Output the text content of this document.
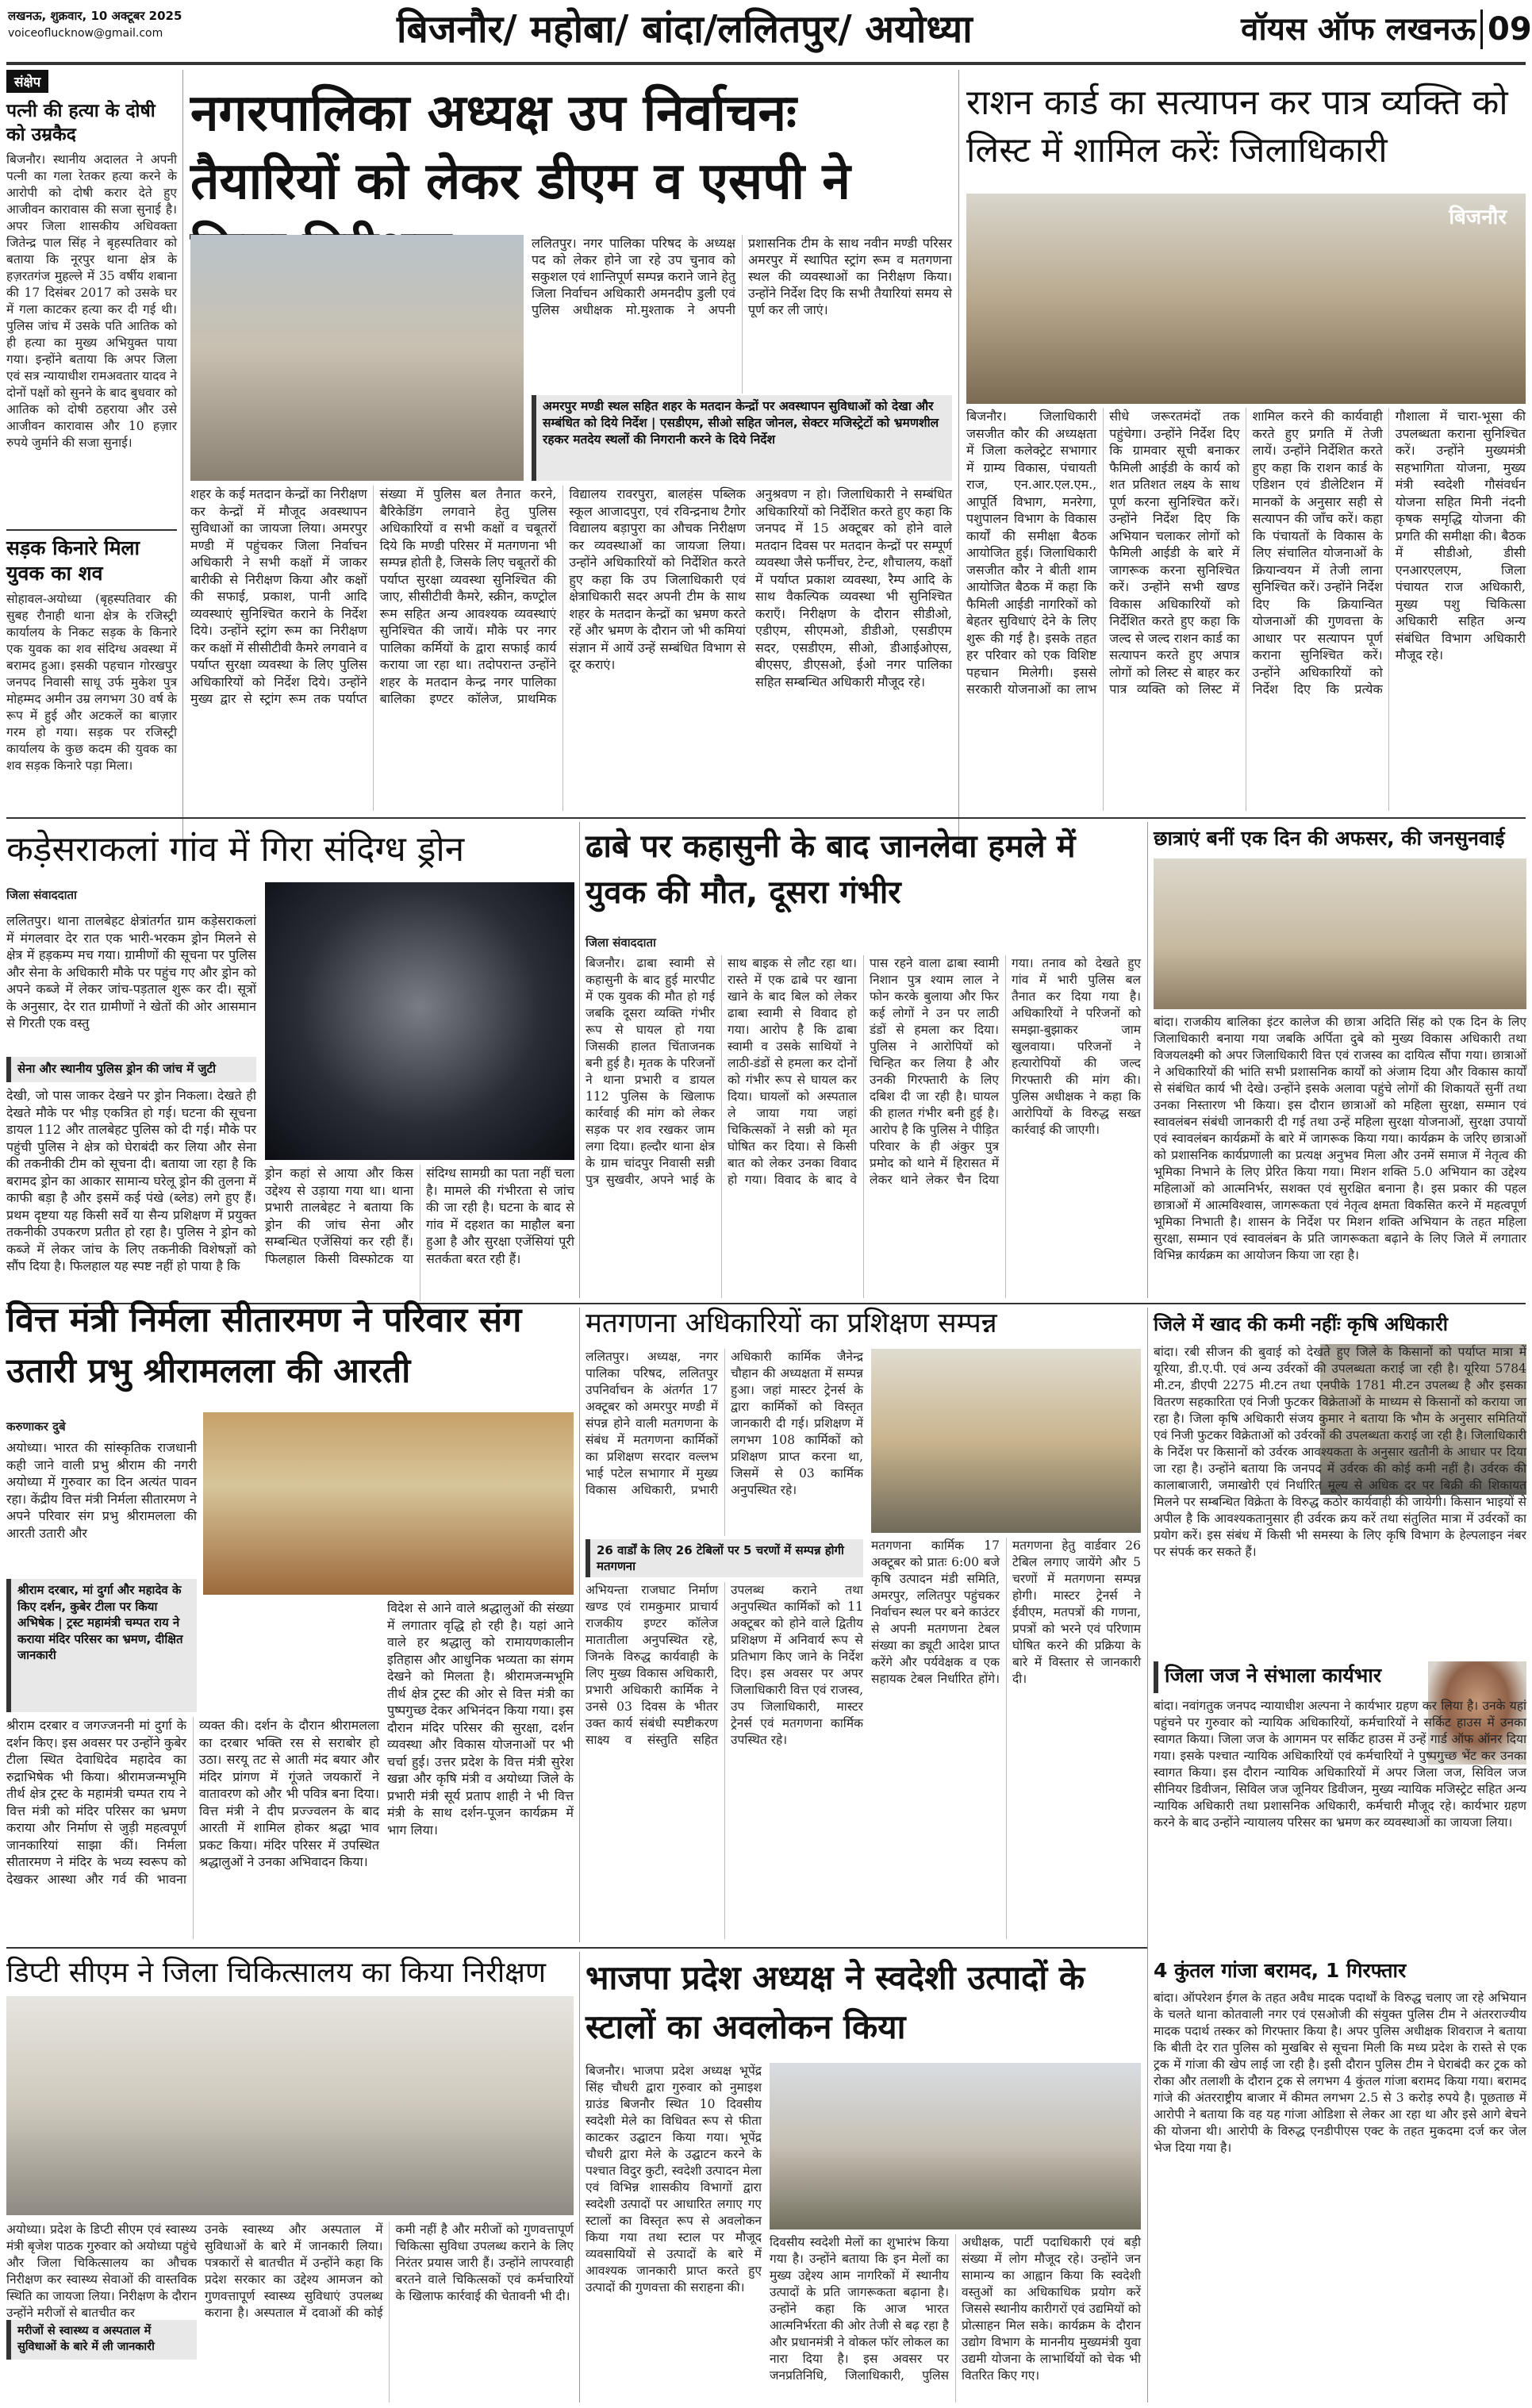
लखनऊ, शुक्रवार, 10 अक्टूबर 2025
voiceoflucknow@gmail.com	बिजनौर/ महोबा/ बांदा/ललितपुर/ अयोध्या	वॉयस ऑफ लखनऊ 09
संक्षेप
पत्नी की हत्या के दोषी को उम्रकैद
बिजनौर। स्थानीय अदालत ने अपनी पत्नी का गला रेतकर हत्या करने के आरोपी को दोषी करार देते हुए आजीवन कारावास की सजा सुनाई है। अपर जिला शासकीय अधिवक्ता जितेन्द्र पाल सिंह ने बृहस्पतिवार को बताया कि नूरपुर थाना क्षेत्र के हज़रतगंज मुहल्ले में 35 वर्षीय शबाना की 17 दिसंबर 2017 को उसके घर में गला काटकर हत्या कर दी गई थी। पुलिस जांच में उसके पति आतिक को ही हत्या का मुख्य अभियुक्त पाया गया। इन्होंने बताया कि अपर जिला एवं सत्र न्यायाधीश रामअवतार यादव ने दोनों पक्षों को सुनने के बाद बुधवार को आतिक को दोषी ठहराया और उसे आजीवन कारावास और 10 हज़ार रुपये जुर्माने की सजा सुनाई।
सड़क किनारे मिला युवक का शव
सोहावल-अयोध्या (बृहस्पतिवार की सुबह रौनाही थाना क्षेत्र के रजिस्ट्री कार्यालय के निकट सड़क के किनारे एक युवक का शव संदिग्ध अवस्था में बरामद हुआ। इसकी पहचान गोरखपुर जनपद निवासी साधू उर्फ मुकेश पुत्र मोहम्मद अमीन उम्र लगभग 30 वर्ष के रूप में हुई और अटकलें का बाज़ार गरम हो गया। सड़क पर रजिस्ट्री कार्यालय के कुछ कदम की युवक का शव सड़क किनारे पड़ा मिला।
नगरपालिका अध्यक्ष उप निर्वाचनः तैयारियों को लेकर डीएम व एसपी ने
ललितपुर। नगर पालिका परिषद के अध्यक्ष पद को लेकर होने जा रहे उप चुनाव को सकुशल एवं शान्तिपूर्ण सम्पन्न कराने जाने हेतु जिला निर्वाचन अधिकारी अमनदीप डुली एवं पुलिस अधीक्षक मो.मुश्ताक ने अपनी प्रशासनिक टीम के साथ नवीन मण्डी परिसर अमरपुर में स्थापित स्ट्रांग रूम व मतगणना स्थल की व्यवस्थाओं का निरीक्षण किया। उन्होंने निर्देश दिए कि सभी तैयारियां समय से पूर्ण कर ली जाएं।
अमरपुर मण्डी स्थल सहित शहर के मतदान केन्द्रों पर अवस्थापन सुविधाओं को देखा और सम्बंधित को दिये निर्देश | एसडीएम, सीओ सहित जोनल, सेक्टर मजिस्ट्रेटों को भ्रमणशील रहकर मतदेय स्थलों की निगरानी करने के दिये निर्देश
शहर के कई मतदान केन्द्रों का निरीक्षण कर केन्द्रों में मौजूद अवस्थापन सुविधाओं का जायजा लिया। अमरपुर मण्डी में पहुंचकर जिला निर्वाचन अधिकारी ने सभी कक्षों में जाकर बारीकी से निरीक्षण किया और कक्षों की सफाई, प्रकाश, पानी आदि व्यवस्थाएं सुनिश्चित कराने के निर्देश दिये। उन्होंने स्ट्रांग रूम का निरीक्षण कर कक्षों में सीसीटीवी कैमरे लगवाने व पर्याप्त सुरक्षा व्यवस्था के लिए पुलिस अधिकारियों को निर्देश दिये। उन्होंने मुख्य द्वार से स्ट्रांग रूम तक पर्याप्त संख्या में पुलिस बल तैनात करने, बैरिकेडिंग लगवाने हेतु पुलिस अधिकारियों व सभी कक्षों व चबूतरों दिये कि मण्डी परिसर में मतगणना भी सम्पन्न होती है, जिसके लिए चबूतरों की पर्याप्त सुरक्षा व्यवस्था सुनिश्चित की जाए, सीसीटीवी कैमरे, स्क्रीन, कण्ट्रोल रूम सहित अन्य आवश्यक व्यवस्थाएं सुनिश्चित की जायें। मौके पर नगर पालिका कर्मियों के द्वारा सफाई कार्य कराया जा रहा था। तदोपरान्त उन्होंने शहर के मतदान केन्द्र नगर पालिका बालिका इण्टर कॉलेज, प्राथमिक विद्यालय रावरपुरा, बालहंस पब्लिक स्कूल आजादपुरा, एवं रविन्द्रनाथ टैगोर विद्यालय बड़ापुरा का औचक निरीक्षण कर व्यवस्थाओं का जायजा लिया। उन्होंने अधिकारियों को निर्देशित करते हुए कहा कि उप जिलाधिकारी एवं क्षेत्राधिकारी सदर अपनी टीम के साथ शहर के मतदान केन्द्रों का भ्रमण करते रहें और भ्रमण के दौरान जो भी कमियां संज्ञान में आयें उन्हें सम्बंधित विभाग से दूर कराएं।
अनुश्रवण न हो। जिलाधिकारी ने सम्बंधित अधिकारियों को निर्देशित करते हुए कहा कि जनपद में 15 अक्टूबर को होने वाले मतदान दिवस पर मतदान केन्द्रों पर सम्पूर्ण व्यवस्था जैसे फर्नीचर, टेन्ट, शौचालय, कक्षों में पर्याप्त प्रकाश व्यवस्था, रैम्प आदि के साथ वैकल्पिक व्यवस्था भी सुनिश्चित कराएँ। निरीक्षण के दौरान सीडीओ, एडीएम, सीएमओ, डीडीओ, एसडीएम सदर, एसडीएम, सीओ, डीआईओएस, बीएसए, डीएसओ, ईओ नगर पालिका सहित सम्बन्धित अधिकारी मौजूद रहे।
राशन कार्ड का सत्यापन कर पात्र व्यक्ति को लिस्ट में शामिल करेंः जिलाधिकारी
बिजनौर
बिजनौर। जिलाधिकारी जसजीत कौर की अध्यक्षता में जिला कलेक्ट्रेट सभागार में ग्राम्य विकास, पंचायती राज, एन.आर.एल.एम., आपूर्ति विभाग, मनरेगा, पशुपालन विभाग के विकास कार्यों की समीक्षा बैठक आयोजित हुई। जिलाधिकारी जसजीत कौर ने बीती शाम आयोजित बैठक में कहा कि फैमिली आईडी नागरिकों को बेहतर सुविधाएं देने के लिए शुरू की गई है। इसके तहत हर परिवार को एक विशिष्ट पहचान मिलेगी। इससे सरकारी योजनाओं का लाभ सीधे जरूरतमंदों तक पहुंचेगा। उन्होंने निर्देश दिए कि ग्रामवार सूची बनाकर फैमिली आईडी के कार्य को शत प्रतिशत लक्ष्य के साथ पूर्ण करना सुनिश्चित करें। उन्होंने निर्देश दिए कि अभियान चलाकर लोगों को फैमिली आईडी के बारे में जागरूक करना सुनिश्चित करें। उन्होंने सभी खण्ड विकास अधिकारियों को निर्देशित करते हुए कहा कि जल्द से जल्द राशन कार्ड का सत्यापन करते हुए अपात्र लोगों को लिस्ट से बाहर कर पात्र व्यक्ति को लिस्ट में शामिल करने की कार्यवाही करते हुए प्रगति में तेजी लायें। उन्होंने निर्देशित करते हुए कहा कि राशन कार्ड के एडिशन एवं डीलेटिशन में मानकों के अनुसार सही से सत्यापन की जाँच करें। कहा कि पंचायतों के विकास के लिए संचालित योजनाओं के क्रियान्वयन में तेजी लाना सुनिश्चित करें। उन्होंने निर्देश दिए कि क्रियान्वित योजनाओं की गुणवत्ता के आधार पर सत्यापन पूर्ण कराना सुनिश्चित करें। उन्होंने अधिकारियों को निर्देश दिए कि प्रत्येक गौशाला में चारा-भूसा की उपलब्धता कराना सुनिश्चित करें। उन्होंने मुख्यमंत्री सहभागिता योजना, मुख्य मंत्री स्वदेशी गौसंवर्धन योजना सहित मिनी नंदनी कृषक समृद्धि योजना की प्रगति की समीक्षा की। बैठक में सीडीओ, डीसी एनआरएलएम, जिला पंचायत राज अधिकारी, मुख्य पशु चिकित्सा अधिकारी सहित अन्य संबंधित विभाग अधिकारी मौजूद रहे।
कड़ेसराकलां गांव में गिरा संदिग्ध ड्रोन
जिला संवाददाता
ललितपुर। थाना तालबेहट क्षेत्रांतर्गत ग्राम कड़ेसराकलां में मंगलवार देर रात एक भारी-भरकम ड्रोन मिलने से क्षेत्र में हड़कम्प मच गया। ग्रामीणों की सूचना पर पुलिस और सेना के अधिकारी मौके पर पहुंच गए और ड्रोन को अपने कब्जे में लेकर जांच-पड़ताल शुरू कर दी। सूत्रों के अनुसार, देर रात ग्रामीणों ने खेतों की ओर आसमान से गिरती एक वस्तु
सेना और स्थानीय पुलिस ड्रोन की जांच में जुटी
देखी, जो पास जाकर देखने पर ड्रोन निकला। देखते ही देखते मौके पर भीड़ एकत्रित हो गई। घटना की सूचना डायल 112 और तालबेहट पुलिस को दी गई। मौके पर पहुंची पुलिस ने क्षेत्र को घेराबंदी कर लिया और सेना की तकनीकी टीम को सूचना दी। बताया जा रहा है कि बरामद ड्रोन का आकार सामान्य घरेलू ड्रोन की तुलना में काफी बड़ा है और इसमें कई पंखे (ब्लेड) लगे हुए हैं। प्रथम दृष्टया यह किसी सर्वे या सैन्य प्रशिक्षण में प्रयुक्त तकनीकी उपकरण प्रतीत हो रहा है। पुलिस ने ड्रोन को कब्जे में लेकर जांच के लिए तकनीकी विशेषज्ञों को सौंप दिया है। फिलहाल यह स्पष्ट नहीं हो पाया है कि
ड्रोन कहां से आया और किस उद्देश्य से उड़ाया गया था। थाना प्रभारी तालबेहट ने बताया कि ड्रोन की जांच सेना और सम्बन्धित एजेंसियां कर रही हैं। फिलहाल किसी विस्फोटक या संदिग्ध सामग्री का पता नहीं चला है। मामले की गंभीरता से जांच की जा रही है। घटना के बाद से गांव में दहशत का माहौल बना हुआ है और सुरक्षा एजेंसियां पूरी सतर्कता बरत रही हैं।
ढाबे पर कहासुनी के बाद जानलेवा हमले में युवक की मौत, दूसरा गंभीर
जिला संवाददाता
बिजनौर। ढाबा स्वामी से कहासुनी के बाद हुई मारपीट में एक युवक की मौत हो गई जबकि दूसरा व्यक्ति गंभीर रूप से घायल हो गया जिसकी हालत चिंताजनक बनी हुई है। मृतक के परिजनों ने थाना प्रभारी व डायल 112 पुलिस के खिलाफ कार्रवाई की मांग को लेकर सड़क पर शव रखकर जाम लगा दिया। हल्दौर थाना क्षेत्र के ग्राम चांदपुर निवासी सन्नी पुत्र सुखवीर, अपने भाई के साथ बाइक से लौट रहा था। रास्ते में एक ढाबे पर खाना खाने के बाद बिल को लेकर ढाबा स्वामी से विवाद हो गया। आरोप है कि ढाबा स्वामी व उसके साथियों ने लाठी-डंडों से हमला कर दोनों को गंभीर रूप से घायल कर दिया। घायलों को अस्पताल ले जाया गया जहां चिकित्सकों ने सन्नी को मृत घोषित कर दिया। से किसी बात को लेकर उनका विवाद हो गया। विवाद के बाद वे पास रहने वाला ढाबा स्वामी निशान पुत्र श्याम लाल ने फोन करके बुलाया और फिर कई लोगों ने उन पर लाठी डंडों से हमला कर दिया। पुलिस ने आरोपियों को चिन्हित कर लिया है और उनकी गिरफ्तारी के लिए दबिश दी जा रही है। घायल की हालत गंभीर बनी हुई है। आरोप है कि पुलिस ने पीड़ित परिवार के ही अंकुर पुत्र प्रमोद को थाने में हिरासत में लेकर थाने लेकर चैन दिया गया। तनाव को देखते हुए गांव में भारी पुलिस बल तैनात कर दिया गया है। अधिकारियों ने परिजनों को समझा-बुझाकर जाम खुलवाया। परिजनों ने हत्यारोपियों की जल्द गिरफ्तारी की मांग की। पुलिस अधीक्षक ने कहा कि आरोपियों के विरुद्ध सख्त कार्रवाई की जाएगी।
छात्राएं बनीं एक दिन की अफसर, की जनसुनवाई
बांदा। राजकीय बालिका इंटर कालेज की छात्रा अदिति सिंह को एक दिन के लिए जिलाधिकारी बनाया गया जबकि अर्पिता दुबे को मुख्य विकास अधिकारी तथा विजयलक्ष्मी को अपर जिलाधिकारी वित्त एवं राजस्व का दायित्व सौंपा गया। छात्राओं ने अधिकारियों की भांति सभी प्रशासनिक कार्यों को अंजाम दिया और विकास कार्यों से संबंधित कार्य भी देखे। उन्होंने इसके अलावा पहुंचे लोगों की शिकायतें सुनीं तथा उनका निस्तारण भी किया। इस दौरान छात्राओं को महिला सुरक्षा, सम्मान एवं स्वावलंबन संबंधी जानकारी दी गई तथा उन्हें महिला सुरक्षा योजनाओं, सुरक्षा उपायों एवं स्वावलंबन कार्यक्रमों के बारे में जागरूक किया गया। कार्यक्रम के जरिए छात्राओं को प्रशासनिक कार्यप्रणाली का प्रत्यक्ष अनुभव मिला और उनमें समाज में नेतृत्व की भूमिका निभाने के लिए प्रेरित किया गया। मिशन शक्ति 5.0 अभियान का उद्देश्य महिलाओं को आत्मनिर्भर, सशक्त एवं सुरक्षित बनाना है। इस प्रकार की पहल छात्राओं में आत्मविश्वास, जागरूकता एवं नेतृत्व क्षमता विकसित करने में महत्वपूर्ण भूमिका निभाती है। शासन के निर्देश पर मिशन शक्ति अभियान के तहत महिला सुरक्षा, सम्मान एवं स्वावलंबन के प्रति जागरूकता बढ़ाने के लिए जिले में लगातार विभिन्न कार्यक्रम का आयोजन किया जा रहा है।
वित्त मंत्री निर्मला सीतारमण ने परिवार संग उतारी प्रभु श्रीरामलला की आरती
करुणाकर दुबे
अयोध्या। भारत की सांस्कृतिक राजधानी कही जाने वाली प्रभु श्रीराम की नगरी अयोध्या में गुरुवार का दिन अत्यंत पावन रहा। केंद्रीय वित्त मंत्री निर्मला सीतारमण ने अपने परिवार संग प्रभु श्रीरामलला की आरती उतारी और
श्रीराम दरबार, मां दुर्गा और महादेव के किए दर्शन, कुबेर टीला पर किया अभिषेक | ट्रस्ट महामंत्री चम्पत राय ने कराया मंदिर परिसर का भ्रमण, दीक्षित जानकारी
श्रीराम दरबार व जगज्जननी मां दुर्गा के दर्शन किए। इस अवसर पर उन्होंने कुबेर टीला स्थित देवाधिदेव महादेव का रुद्राभिषेक भी किया। श्रीरामजन्मभूमि तीर्थ क्षेत्र ट्रस्ट के महामंत्री चम्पत राय ने वित्त मंत्री को मंदिर परिसर का भ्रमण कराया और निर्माण से जुड़ी महत्वपूर्ण जानकारियां साझा कीं। निर्मला सीतारमण ने मंदिर के भव्य स्वरूप को देखकर आस्था और गर्व की भावना व्यक्त की। दर्शन के दौरान श्रीरामलला का दरबार भक्ति रस से सराबोर हो उठा। सरयू तट से आती मंद बयार और मंदिर प्रांगण में गूंजते जयकारों ने वातावरण को और भी पवित्र बना दिया। वित्त मंत्री ने दीप प्रज्ज्वलन के बाद आरती में शामिल होकर श्रद्धा भाव प्रकट किया। मंदिर परिसर में उपस्थित श्रद्धालुओं ने उनका अभिवादन किया।
विदेश से आने वाले श्रद्धालुओं की संख्या में लगातार वृद्धि हो रही है। यहां आने वाले हर श्रद्धालु को रामायणकालीन इतिहास और आधुनिक भव्यता का संगम देखने को मिलता है। श्रीरामजन्मभूमि तीर्थ क्षेत्र ट्रस्ट की ओर से वित्त मंत्री का पुष्पगुच्छ देकर अभिनंदन किया गया। इस दौरान मंदिर परिसर की सुरक्षा, दर्शन व्यवस्था और विकास योजनाओं पर भी चर्चा हुई। उत्तर प्रदेश के वित्त मंत्री सुरेश खन्ना और कृषि मंत्री व अयोध्या जिले के प्रभारी मंत्री सूर्य प्रताप शाही ने भी वित्त मंत्री के साथ दर्शन-पूजन कार्यक्रम में भाग लिया।
मतगणना अधिकारियों का प्रशिक्षण सम्पन्न
ललितपुर। अध्यक्ष, नगर पालिका परिषद, ललितपुर उपनिर्वाचन के अंतर्गत 17 अक्टूबर को अमरपुर मण्डी में संपन्न होने वाली मतगणना के संबंध में मतगणना कार्मिकों का प्रशिक्षण सरदार वल्लभ भाई पटेल सभागार में मुख्य विकास अधिकारी, प्रभारी अधिकारी कार्मिक जैनेन्द्र चौहान की अध्यक्षता में सम्पन्न हुआ। जहां मास्टर ट्रेनर्स के द्वारा कार्मिकों को विस्तृत जानकारी दी गई। प्रशिक्षण में लगभग 108 कार्मिकों को प्रशिक्षण प्राप्त करना था, जिसमें से 03 कार्मिक अनुपस्थित रहे।
26 वार्डों के लिए 26 टेबिलों पर 5 चरणों में सम्पन्न होगी मतगणना
अभियन्ता राजघाट निर्माण खण्ड एवं रामकुमार प्राचार्य राजकीय इण्टर कॉलेज मातातीला अनुपस्थित रहे, जिनके विरुद्ध कार्यवाही के लिए मुख्य विकास अधिकारी, प्रभारी अधिकारी कार्मिक ने उनसे 03 दिवस के भीतर उक्त कार्य संबंधी स्पष्टीकरण साक्ष्य व संस्तुति सहित उपलब्ध कराने तथा अनुपस्थित कार्मिकों को 11 अक्टूबर को होने वाले द्वितीय प्रशिक्षण में अनिवार्य रूप से प्रतिभाग किए जाने के निर्देश दिए। इस अवसर पर अपर जिलाधिकारी वित्त एवं राजस्व, उप जिलाधिकारी, मास्टर ट्रेनर्स एवं मतगणना कार्मिक उपस्थित रहे।
मतगणना कार्मिक 17 अक्टूबर को प्रातः 6:00 बजे कृषि उत्पादन मंडी समिति, अमरपुर, ललितपुर पहुंचकर निर्वाचन स्थल पर बने काउंटर से अपनी मतगणना टेबल संख्या का ड्यूटी आदेश प्राप्त करेंगे और पर्यवेक्षक व एक सहायक टेबल निर्धारित होंगे। मतगणना हेतु वार्डवार 26 टेबिल लगाए जायेंगे और 5 चरणों में मतगणना सम्पन्न होगी। मास्टर ट्रेनर्स ने ईवीएम, मतपत्रों की गणना, प्रपत्रों को भरने एवं परिणाम घोषित करने की प्रक्रिया के बारे में विस्तार से जानकारी दी।
जिले में खाद की कमी नहींः कृषि अधिकारी
बांदा। रबी सीजन की बुवाई को देखते हुए जिले के किसानों को पर्याप्त मात्रा में यूरिया, डी.ए.पी. एवं अन्य उर्वरकों की उपलब्धता कराई जा रही है। यूरिया 5784 मी.टन, डीएपी 2275 मी.टन तथा एनपीके 1781 मी.टन उपलब्ध है और इसका वितरण सहकारिता एवं निजी फुटकर विक्रेताओं के माध्यम से किसानों को कराया जा रहा है। जिला कृषि अधिकारी संजय कुमार ने बताया कि भौम के अनुसार समितियों एवं निजी फुटकर विक्रेताओं को उर्वरकों की उपलब्धता कराई जा रही है। जिलाधिकारी के निर्देश पर किसानों को उर्वरक आवश्यकता के अनुसार खतौनी के आधार पर दिया जा रहा है। उन्होंने बताया कि जनपद में उर्वरक की कोई कमी नहीं है। उर्वरक की कालाबाजारी, जमाखोरी एवं निर्धारित मूल्य से अधिक दर पर बिक्री की शिकायत मिलने पर सम्बन्धित विक्रेता के विरुद्ध कठोर कार्यवाही की जायेगी। किसान भाइयों से अपील है कि आवश्यकतानुसार ही उर्वरक क्रय करें तथा संतुलित मात्रा में उर्वरकों का प्रयोग करें। इस संबंध में किसी भी समस्या के लिए कृषि विभाग के हेल्पलाइन नंबर पर संपर्क कर सकते हैं।
जिला जज ने संभाला कार्यभार
बांदा। नवांगतुक जनपद न्यायाधीश अल्पना ने कार्यभार ग्रहण कर लिया है। उनके यहां पहुंचने पर गुरुवार को न्यायिक अधिकारियों, कर्मचारियों ने सर्किट हाउस में उनका स्वागत किया। जिला जज के आगमन पर सर्किट हाउस में उन्हें गार्ड ऑफ ऑनर दिया गया। इसके पश्चात न्यायिक अधिकारियों एवं कर्मचारियों ने पुष्पगुच्छ भेंट कर उनका स्वागत किया। इस दौरान न्यायिक अधिकारियों में अपर जिला जज, सिविल जज सीनियर डिवीजन, सिविल जज जूनियर डिवीजन, मुख्य न्यायिक मजिस्ट्रेट सहित अन्य न्यायिक अधिकारी तथा प्रशासनिक अधिकारी, कर्मचारी मौजूद रहे। कार्यभार ग्रहण करने के बाद उन्होंने न्यायालय परिसर का भ्रमण कर व्यवस्थाओं का जायजा लिया।
4 कुंतल गांजा बरामद, 1 गिरफ्तार
बांदा। ऑपरेशन ईगल के तहत अवैध मादक पदार्थों के विरुद्ध चलाए जा रहे अभियान के चलते थाना कोतवाली नगर एवं एसओजी की संयुक्त पुलिस टीम ने अंतरराज्यीय मादक पदार्थ तस्कर को गिरफ्तार किया है। अपर पुलिस अधीक्षक शिवराज ने बताया कि बीती देर रात पुलिस को मुखबिर से सूचना मिली कि मध्य प्रदेश के रास्ते से एक ट्रक में गांजा की खेप लाई जा रही है। इसी दौरान पुलिस टीम ने घेराबंदी कर ट्रक को रोका और तलाशी के दौरान ट्रक से लगभग 4 कुंतल गांजा बरामद किया गया। बरामद गांजे की अंतरराष्ट्रीय बाजार में कीमत लगभग 2.5 से 3 करोड़ रुपये है। पूछताछ में आरोपी ने बताया कि वह यह गांजा ओडिशा से लेकर आ रहा था और इसे आगे बेचने की योजना थी। आरोपी के विरुद्ध एनडीपीएस एक्ट के तहत मुकदमा दर्ज कर जेल भेज दिया गया है।
डिप्टी सीएम ने जिला चिकित्सालय का किया निरीक्षण
अयोध्या। प्रदेश के डिप्टी सीएम एवं स्वास्थ्य मंत्री बृजेश पाठक गुरुवार को अयोध्या पहुंचे और जिला चिकित्सालय का औचक निरीक्षण कर स्वास्थ्य सेवाओं की वास्तविक स्थिति का जायजा लिया। निरीक्षण के दौरान उन्होंने मरीजों से बातचीत कर
मरीजों से स्वास्थ्य व अस्पताल में सुविधाओं के बारे में ली जानकारी
उनके स्वास्थ्य और अस्पताल में सुविधाओं के बारे में जानकारी लिया। पत्रकारों से बातचीत में उन्होंने कहा कि प्रदेश सरकार का उद्देश्य आमजन को गुणवत्तापूर्ण स्वास्थ्य सुविधाएं उपलब्ध कराना है। अस्पताल में दवाओं की कोई कमी नहीं है और मरीजों को गुणवत्तापूर्ण चिकित्सा सुविधा उपलब्ध कराने के लिए निरंतर प्रयास जारी हैं। उन्होंने लापरवाही बरतने वाले चिकित्सकों एवं कर्मचारियों के खिलाफ कार्रवाई की चेतावनी भी दी।
भाजपा प्रदेश अध्यक्ष ने स्वदेशी उत्पादों के स्टालों का अवलोकन किया
बिजनौर। भाजपा प्रदेश अध्यक्ष भूपेंद्र सिंह चौधरी द्वारा गुरुवार को नुमाइश ग्राउंड बिजनौर स्थित 10 दिवसीय स्वदेशी मेले का विधिवत रूप से फीता काटकर उद्घाटन किया गया। भूपेंद्र चौधरी द्वारा मेले के उद्घाटन करने के पश्चात विदुर कुटी, स्वदेशी उत्पादन मेला एवं विभिन्न शासकीय विभागों द्वारा स्वदेशी उत्पादों पर आधारित लगाए गए स्टालों का विस्तृत रूप से अवलोकन किया गया तथा स्टाल पर मौजूद व्यवसायियों से उत्पादों के बारे में आवश्यक जानकारी प्राप्त करते हुए उत्पादों की गुणवत्ता की सराहना की।
दिवसीय स्वदेशी मेलों का शुभारंभ किया गया है। उन्होंने बताया कि इन मेलों का मुख्य उद्देश्य आम नागरिकों में स्थानीय उत्पादों के प्रति जागरूकता बढ़ाना है। उन्होंने कहा कि आज भारत आत्मनिर्भरता की ओर तेजी से बढ़ रहा है और प्रधानमंत्री ने वोकल फॉर लोकल का नारा दिया है। इस अवसर पर जनप्रतिनिधि, जिलाधिकारी, पुलिस अधीक्षक, पार्टी पदाधिकारी एवं बड़ी संख्या में लोग मौजूद रहे। उन्होंने जन सामान्य का आह्वान किया कि स्वदेशी वस्तुओं का अधिकाधिक प्रयोग करें जिससे स्थानीय कारीगरों एवं उद्यमियों को प्रोत्साहन मिल सके। कार्यक्रम के दौरान उद्योग विभाग के माननीय मुख्यमंत्री युवा उद्यमी योजना के लाभार्थियों को चेक भी वितरित किए गए।
